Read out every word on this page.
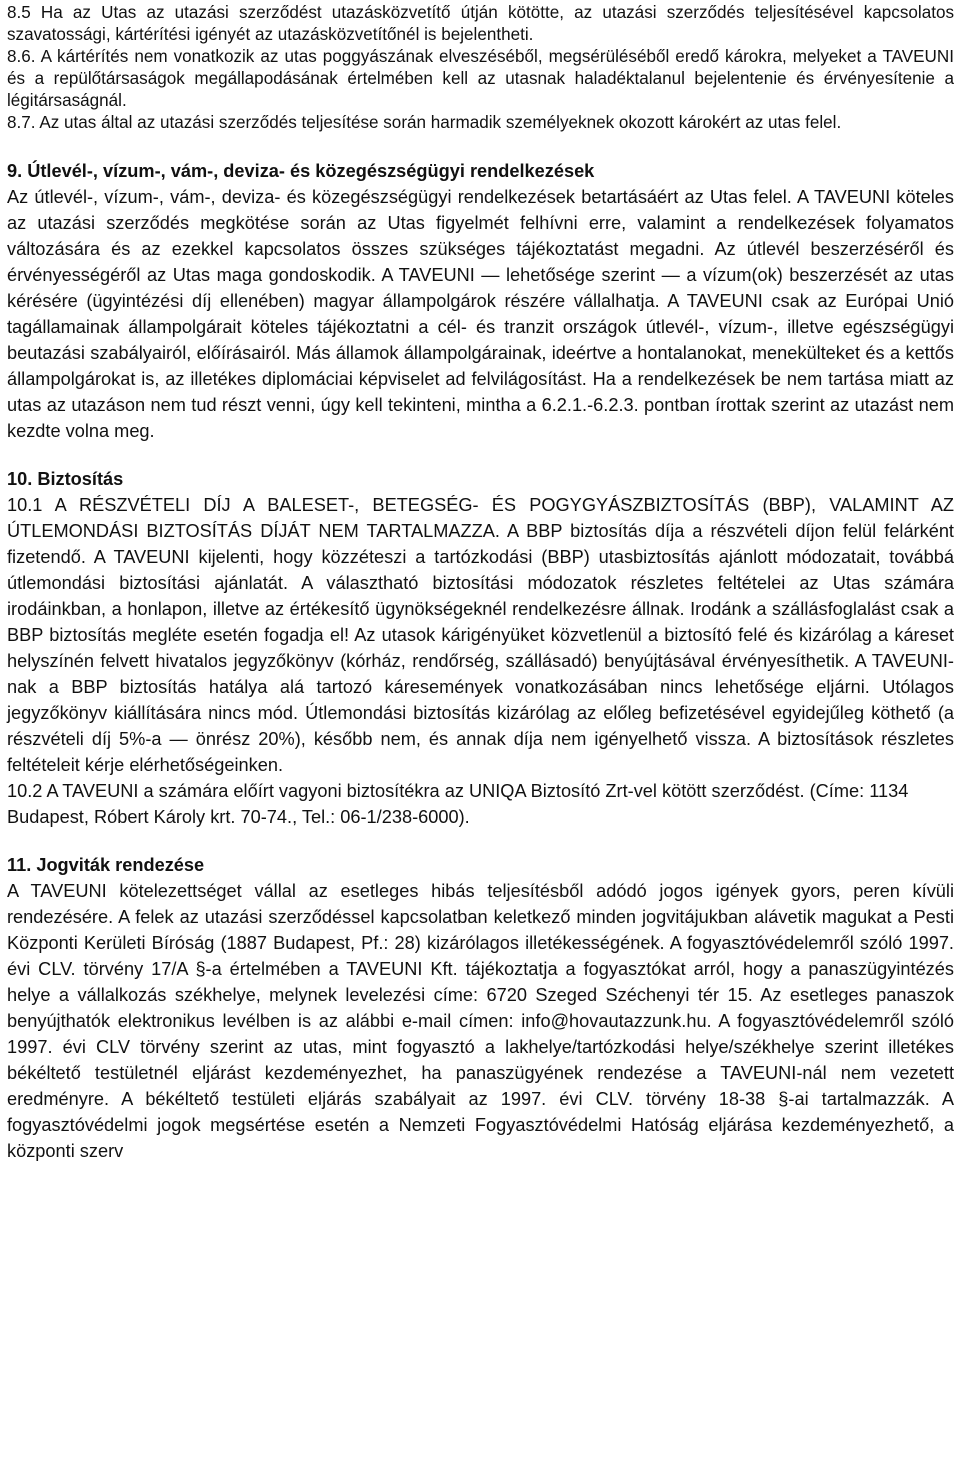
8.5 Ha az Utas az utazási szerződést utazásközvetítő útján kötötte, az utazási szerződés teljesítésével kapcsolatos szavatossági, kártérítési igényét az utazásközvetítőnél is bejelentheti.

8.6. A kártérítés nem vonatkozik az utas poggyászának elveszéséből, megsérüléséből eredő károkra, melyeket a TAVEUNI és a repülőtársaságok megállapodásának értelmében kell az utasnak haladéktalanul bejelentenie és érvényesítenie a légitársaságnál.

8.7. Az utas által az utazási szerződés teljesítése során harmadik személyeknek okozott károkért az utas felel.

9. Útlevél-, vízum-, vám-, deviza- és közegészségügyi rendelkezések

Az útlevél-, vízum-, vám-, deviza- és közegészségügyi rendelkezések betartásáért az Utas felel. A TAVEUNI köteles az utazási szerződés megkötése során az Utas figyelmét felhívni erre, valamint a rendelkezések folyamatos változására és az ezekkel kapcsolatos összes szükséges tájékoztatást megadni. Az útlevél beszerzéséről és érvényességéről az Utas maga gondoskodik. A TAVEUNI — lehetősége szerint — a vízum(ok) beszerzését az utas kérésére (ügyintézési díj ellenében) magyar állampolgárok részére vállalhatja. A TAVEUNI csak az Európai Unió tagállamainak állampolgárait köteles tájékoztatni a cél- és tranzit országok útlevél-, vízum-, illetve egészségügyi beutazási szabályairól, előírásairól. Más államok állampolgárainak, ideértve a hontalanokat, menekülteket és a kettős állampolgárokat is, az illetékes diplomáciai képviselet ad felvilágosítást. Ha a rendelkezések be nem tartása miatt az utas az utazáson nem tud részt venni, úgy kell tekinteni, mintha a 6.2.1.-6.2.3. pontban írottak szerint az utazást nem kezdte volna meg.

10. Biztosítás

10.1 A RÉSZVÉTELI DÍJ A BALESET-, BETEGSÉG- ÉS POGYGYÁSZBIZTOSÍTÁS (BBP), VALAMINT AZ ÚTLEMONDÁSI BIZTOSÍTÁS DÍJÁT NEM TARTALMAZZA. A BBP biztosítás díja a részvételi díjon felül felárként fizetendő. A TAVEUNI kijelenti, hogy közzéteszi a tartózkodási (BBP) utasbiztosítás ajánlott módozatait, továbbá útlemondási biztosítási ajánlatát. A választható biztosítási módozatok részletes feltételei az Utas számára irodáinkban, a honlapon, illetve az értékesítő ügynökségeknél rendelkezésre állnak. Irodánk a szállásfoglalást csak a BBP biztosítás megléte esetén fogadja el! Az utasok kárigényüket közvetlenül a biztosító felé és kizárólag a káreset helyszínén felvett hivatalos jegyzőkönyv (kórház, rendőrség, szállásadó) benyújtásával érvényesíthetik. A TAVEUNI-nak a BBP biztosítás hatálya alá tartozó káresemények vonatkozásában nincs lehetősége eljárni. Utólagos jegyzőkönyv kiállítására nincs mód. Útlemondási biztosítás kizárólag az előleg befizetésével egyidejűleg köthető (a részvételi díj 5%-a — önrész 20%), később nem, és annak díja nem igényelhető vissza. A biztosítások részletes feltételeit kérje elérhetőségeinken.

10.2 A TAVEUNI a számára előírt vagyoni biztosítékra az UNIQA Biztosító Zrt-vel kötött szerződést. (Címe: 1134 Budapest, Róbert Károly krt. 70-74., Tel.: 06-1/238-6000).

11. Jogviták rendezése

A TAVEUNI kötelezettséget vállal az esetleges hibás teljesítésből adódó jogos igények gyors, peren kívüli rendezésére. A felek az utazási szerződéssel kapcsolatban keletkező minden jogvitájukban alávetik magukat a Pesti Központi Kerületi Bíróság (1887 Budapest, Pf.: 28) kizárólagos illetékességének. A fogyasztóvédelemről szóló 1997. évi CLV. törvény 17/A §-a értelmében a TAVEUNI Kft. tájékoztatja a fogyasztókat arról, hogy a panaszügyintézés helye a vállalkozás székhelye, melynek levelezési címe: 6720 Szeged Széchenyi tér 15. Az esetleges panaszok benyújthatók elektronikus levélben is az alábbi e-mail címen: info@hovautazzunk.hu. A fogyasztóvédelemről szóló 1997. évi CLV törvény szerint az utas, mint fogyasztó a lakhelye/tartózkodási helye/székhelye szerint illetékes békéltető testületnél eljárást kezdeményezhet, ha panaszügyének rendezése a TAVEUNI-nál nem vezetett eredményre. A békéltető testületi eljárás szabályait az 1997. évi CLV. törvény 18-38 §-ai tartalmazzák. A fogyasztóvédelmi jogok megsértése esetén a Nemzeti Fogyasztóvédelmi Hatóság eljárása kezdeményezhető, a központi szerv
